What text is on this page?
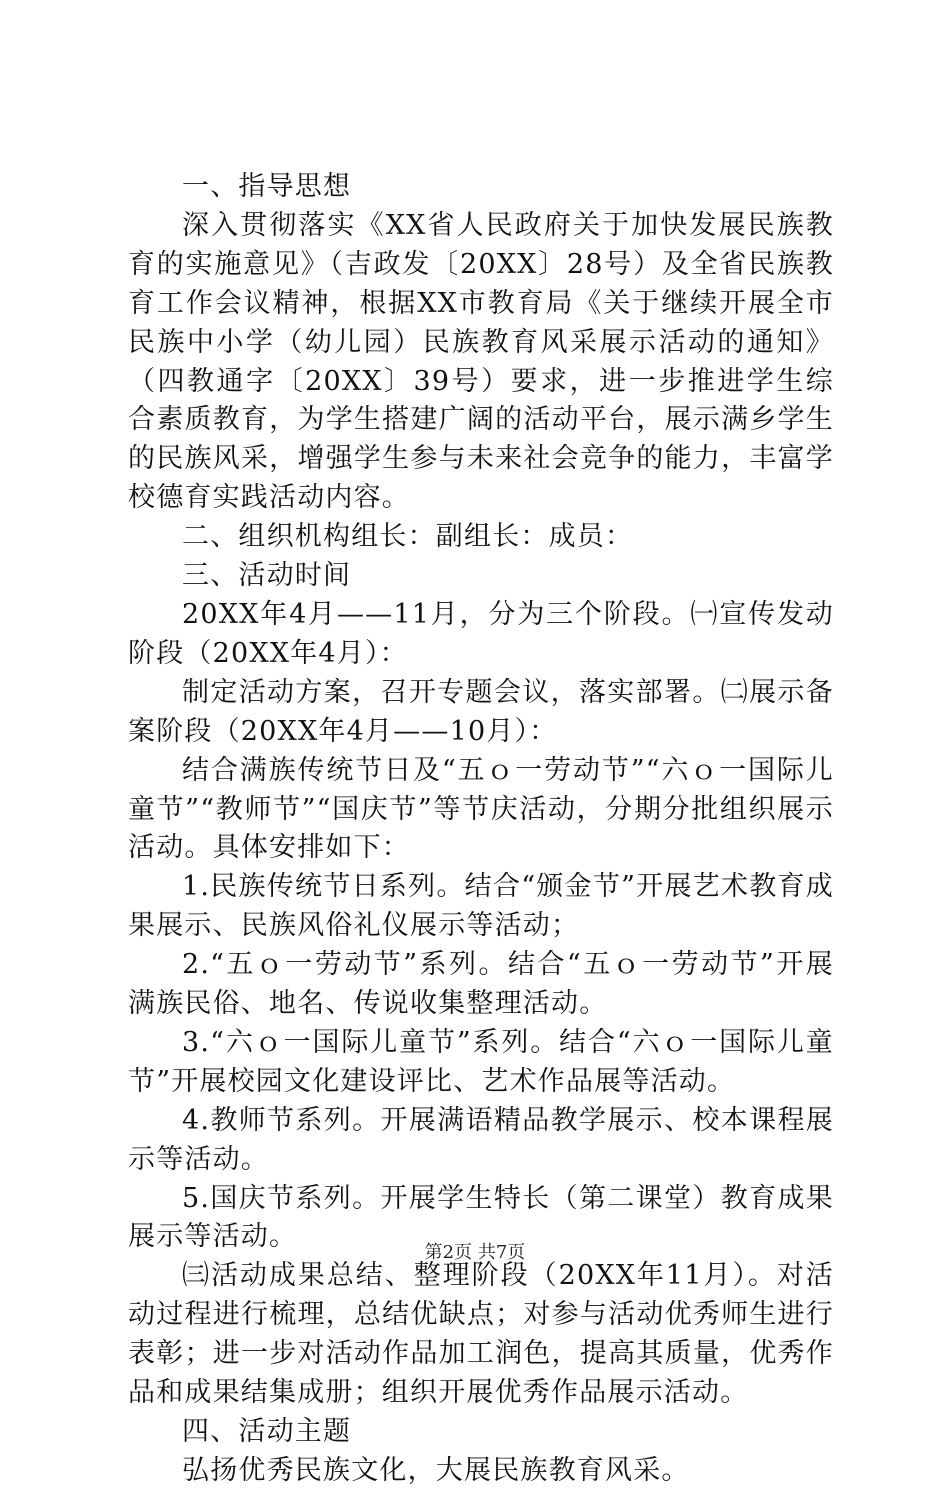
一、指导思想

深入贯彻落实《XX省人民政府关于加快发展民族教育的实施意见》（吉政发〔20XX〕28号）及全省民族教育工作会议精神，根据XX市教育局《关于继续开展全市民族中小学（幼儿园）民族教育风采展示活动的通知》（四教通字〔20XX〕39号）要求，进一步推进学生综合素质教育，为学生搭建广阔的活动平台，展示满乡学生的民族风采，增强学生参与未来社会竞争的能力，丰富学校德育实践活动内容。

二、组织机构组长：副组长：成员：

三、活动时间

20XX年4月——11月，分为三个阶段。㈠宣传发动阶段（20XX年4月）：

制定活动方案，召开专题会议，落实部署。㈡展示备案阶段（20XX年4月——10月）：

结合满族传统节日及“五ｏ一劳动节”“六ｏ一国际儿童节”“教师节”“国庆节”等节庆活动，分期分批组织展示活动。具体安排如下：

1.民族传统节日系列。结合“颁金节”开展艺术教育成果展示、民族风俗礼仪展示等活动；

2.“五ｏ一劳动节”系列。结合“五ｏ一劳动节”开展满族民俗、地名、传说收集整理活动。

3.“六ｏ一国际儿童节”系列。结合“六ｏ一国际儿童节”开展校园文化建设评比、艺术作品展等活动。

4.教师节系列。开展满语精品教学展示、校本课程展示等活动。

5.国庆节系列。开展学生特长（第二课堂）教育成果展示等活动。

㈢活动成果总结、整理阶段（20XX年11月）。对活动过程进行梳理，总结优缺点；对参与活动优秀师生进行表彰；进一步对活动作品加工润色，提高其质量，优秀作品和成果结集成册；组织开展优秀作品展示活动。

四、活动主题

弘扬优秀民族文化，大展民族教育风采。

第2页 共7页
